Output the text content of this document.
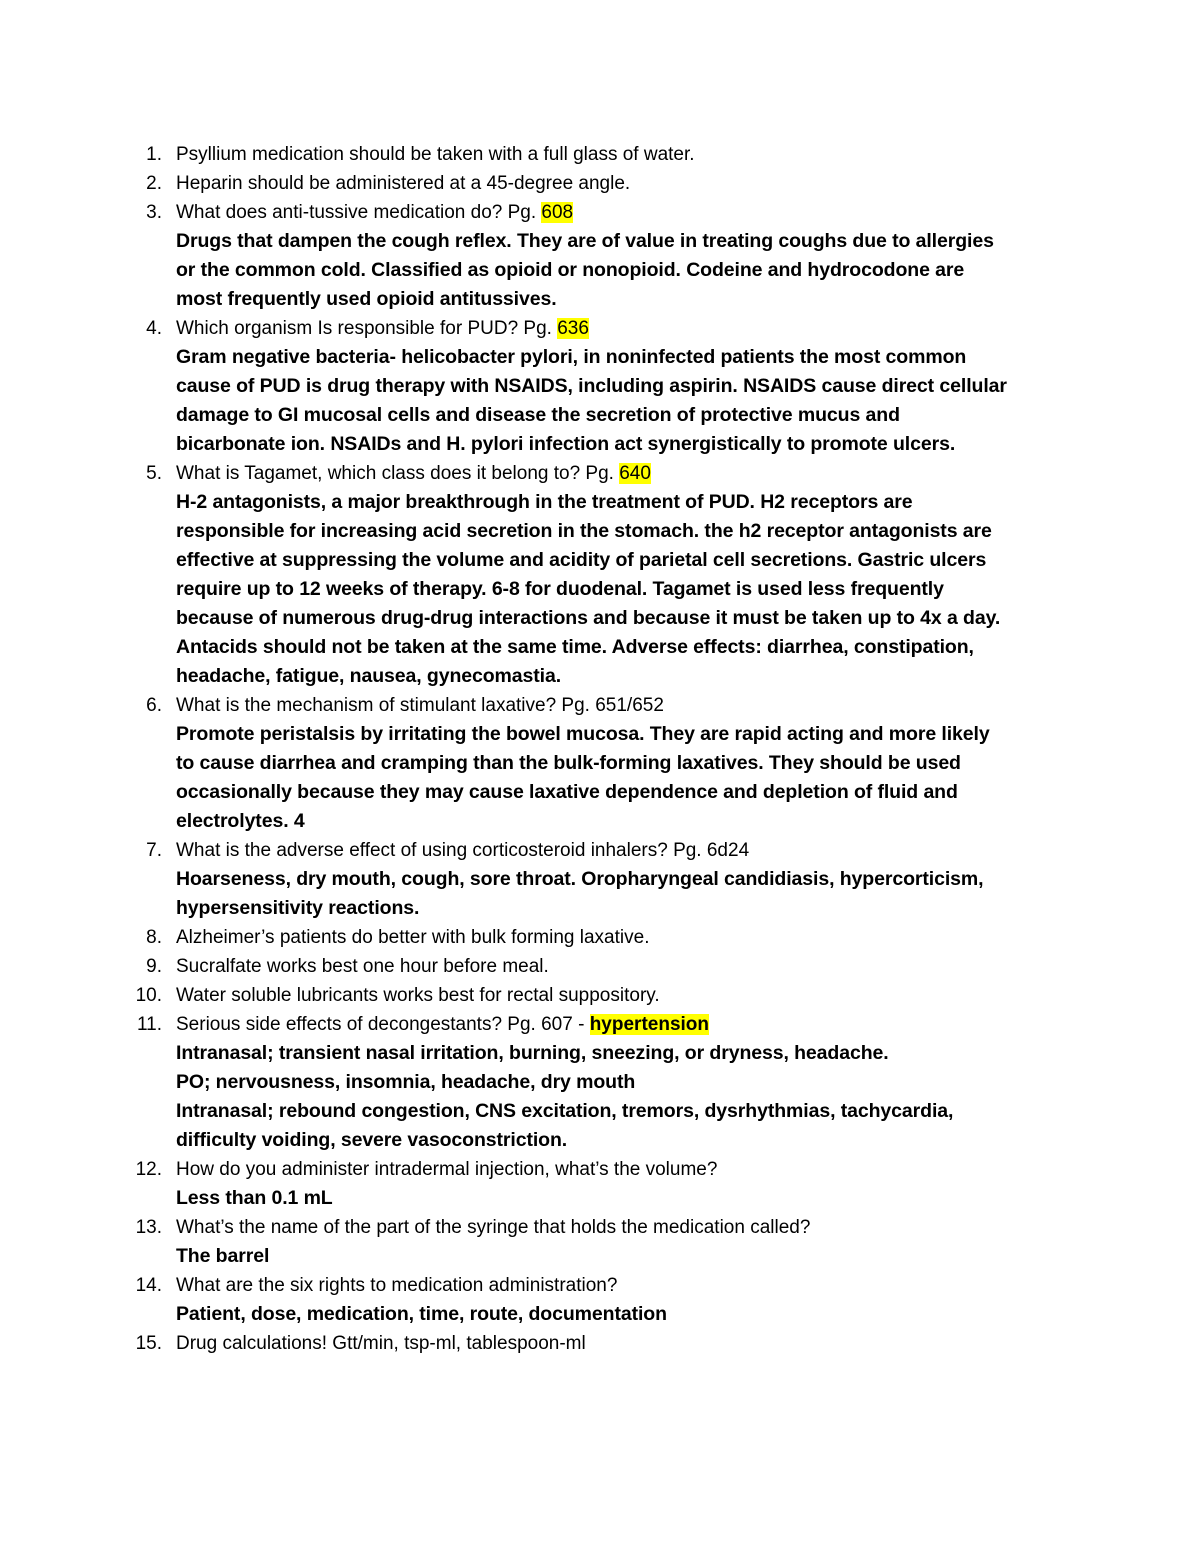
1. Psyllium medication should be taken with a full glass of water.
2. Heparin should be administered at a 45-degree angle.
3. What does anti-tussive medication do? Pg. 608
Drugs that dampen the cough reflex. They are of value in treating coughs due to allergies
or the common cold. Classified as opioid or nonopioid. Codeine and hydrocodone are
most frequently used opioid antitussives.
4. Which organism Is responsible for PUD? Pg. 636
Gram negative bacteria- helicobacter pylori, in noninfected patients the most common
cause of PUD is drug therapy with NSAIDS, including aspirin. NSAIDS cause direct cellular
damage to GI mucosal cells and disease the secretion of protective mucus and
bicarbonate ion. NSAIDs and H. pylori infection act synergistically to promote ulcers.
5. What is Tagamet, which class does it belong to? Pg. 640
H-2 antagonists, a major breakthrough in the treatment of PUD. H2 receptors are
responsible for increasing acid secretion in the stomach. the h2 receptor antagonists are
effective at suppressing the volume and acidity of parietal cell secretions. Gastric ulcers
require up to 12 weeks of therapy. 6-8 for duodenal. Tagamet is used less frequently
because of numerous drug-drug interactions and because it must be taken up to 4x a day.
Antacids should not be taken at the same time. Adverse effects: diarrhea, constipation,
headache, fatigue, nausea, gynecomastia.
6. What is the mechanism of stimulant laxative? Pg. 651/652
Promote peristalsis by irritating the bowel mucosa. They are rapid acting and more likely
to cause diarrhea and cramping than the bulk-forming laxatives. They should be used
occasionally because they may cause laxative dependence and depletion of fluid and
electrolytes. 4
7. What is the adverse effect of using corticosteroid inhalers? Pg. 6d24
Hoarseness, dry mouth, cough, sore throat. Oropharyngeal candidiasis, hypercorticism,
hypersensitivity reactions.
8. Alzheimer’s patients do better with bulk forming laxative.
9. Sucralfate works best one hour before meal.
10. Water soluble lubricants works best for rectal suppository.
11. Serious side effects of decongestants? Pg. 607 - hypertension
Intranasal; transient nasal irritation, burning, sneezing, or dryness, headache.
PO; nervousness, insomnia, headache, dry mouth
Intranasal; rebound congestion, CNS excitation, tremors, dysrhythmias, tachycardia,
difficulty voiding, severe vasoconstriction.
12. How do you administer intradermal injection, what’s the volume?
Less than 0.1 mL
13. What’s the name of the part of the syringe that holds the medication called?
The barrel
14. What are the six rights to medication administration?
Patient, dose, medication, time, route, documentation
15. Drug calculations! Gtt/min, tsp-ml, tablespoon-ml
